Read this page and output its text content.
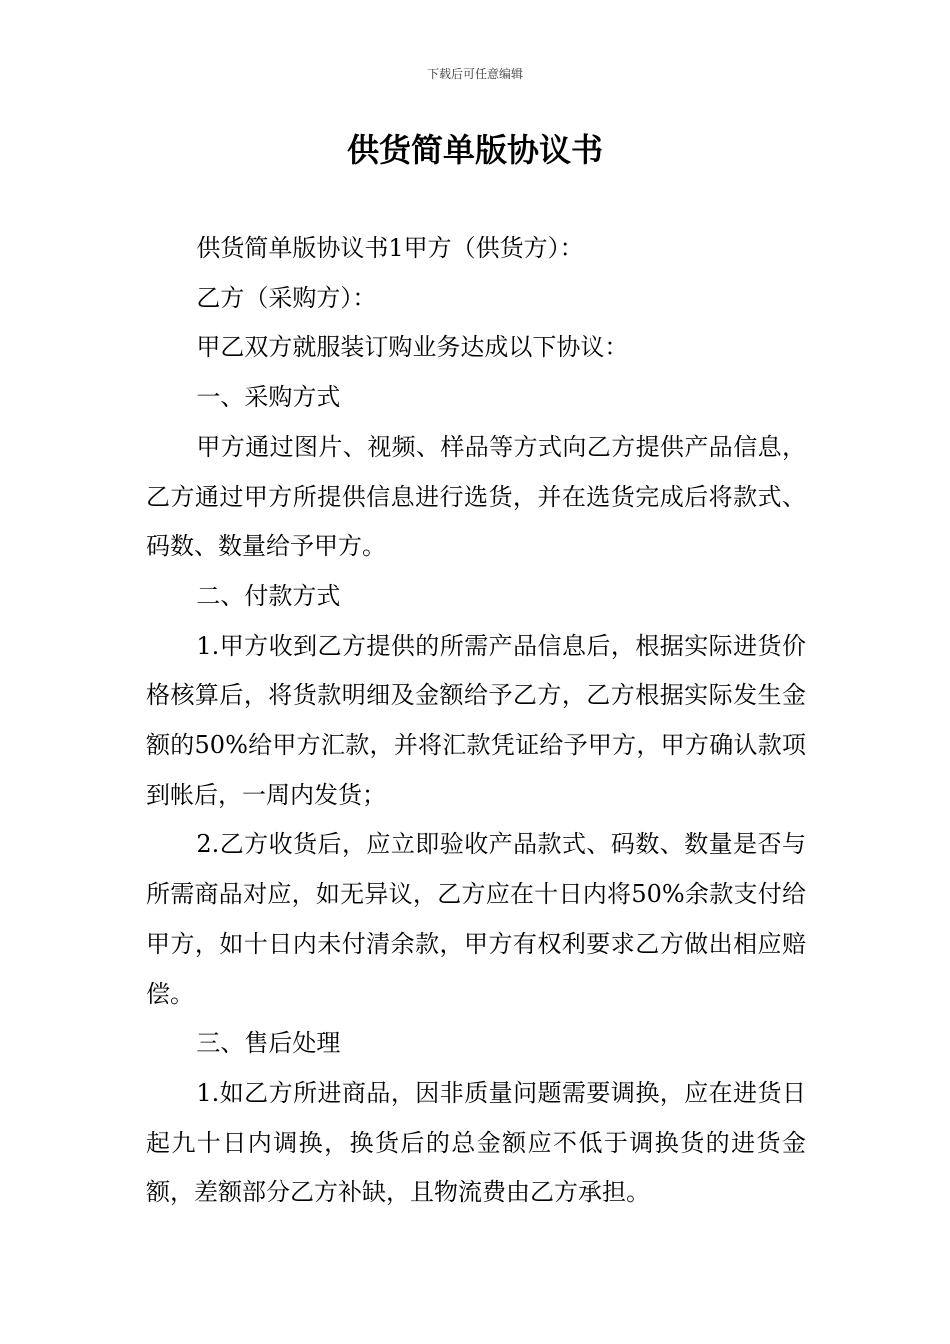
下载后可任意编辑
供货简单版协议书

供货简单版协议书1甲方（供货方）：

乙方（采购方）：

甲乙双方就服装订购业务达成以下协议：

一、采购方式

甲方通过图片、视频、样品等方式向乙方提供产品信息，乙方通过甲方所提供信息进行选货，并在选货完成后将款式、码数、数量给予甲方。

二、付款方式

1.甲方收到乙方提供的所需产品信息后，根据实际进货价格核算后，将货款明细及金额给予乙方，乙方根据实际发生金额的50%给甲方汇款，并将汇款凭证给予甲方，甲方确认款项到帐后，一周内发货；

2.乙方收货后，应立即验收产品款式、码数、数量是否与所需商品对应，如无异议，乙方应在十日内将50%余款支付给甲方，如十日内未付清余款，甲方有权利要求乙方做出相应赔偿。

三、售后处理

1.如乙方所进商品，因非质量问题需要调换，应在进货日起九十日内调换，换货后的总金额应不低于调换货的进货金额，差额部分乙方补缺，且物流费由乙方承担。
